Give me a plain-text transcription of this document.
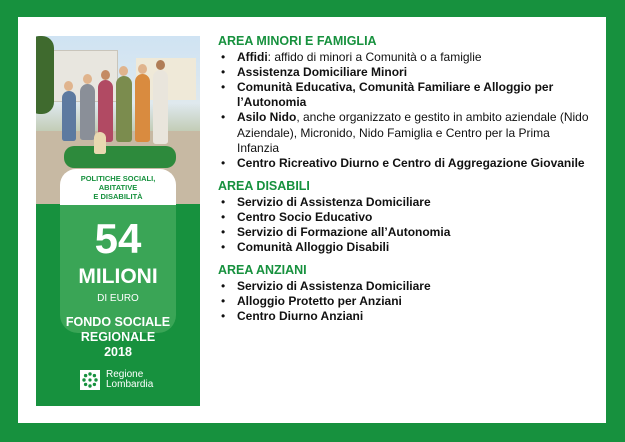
POLITICHE SOCIALI,
ABITATIVE
E DISABILITÀ
54
MILIONI
DI EURO
FONDO SOCIALE
REGIONALE
2018
Regione
Lombardia
AREA MINORI E FAMIGLIA
• Affidi: affido di minori a Comunità o a famiglie
• Assistenza Domiciliare Minori
• Comunità Educativa, Comunità Familiare e Alloggio per l’Autonomia
• Asilo Nido, anche organizzato e gestito in ambito aziendale (Nido Aziendale), Micronido, Nido Famiglia e Centro per la Prima Infanzia
• Centro Ricreativo Diurno e Centro di Aggregazione Giovanile
AREA DISABILI
• Servizio di Assistenza Domiciliare
• Centro Socio Educativo
• Servizio di Formazione all’Autonomia
• Comunità Alloggio Disabili
AREA ANZIANI
• Servizio di Assistenza Domiciliare
• Alloggio Protetto per Anziani
• Centro Diurno Anziani
